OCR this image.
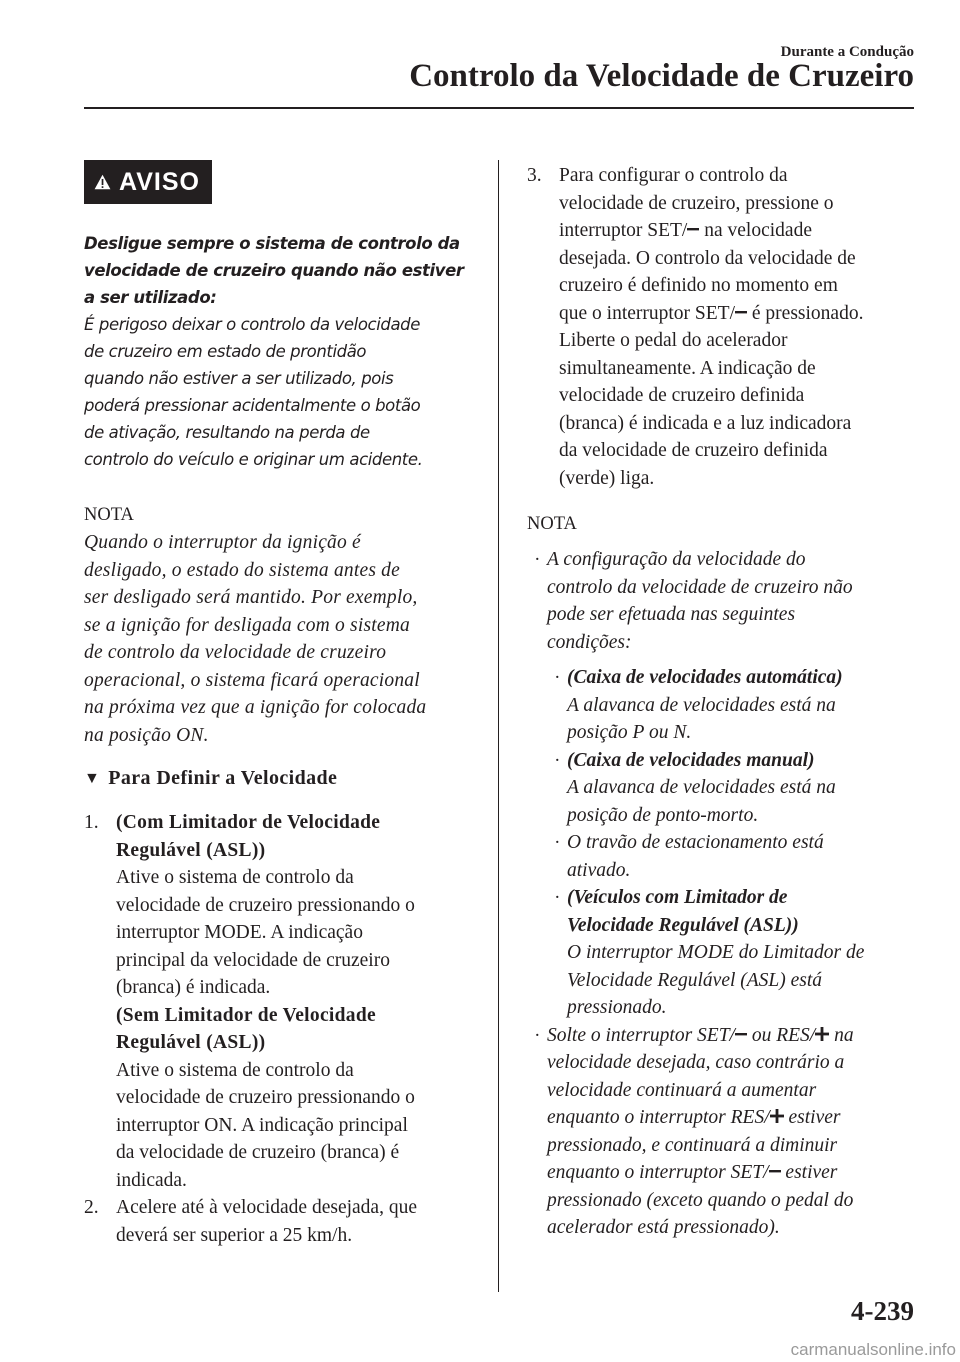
Durante a Condução
Controlo da Velocidade de Cruzeiro
AVISO
Desligue sempre o sistema de controlo da
velocidade de cruzeiro quando não estiver
a ser utilizado:
É perigoso deixar o controlo da velocidade
de cruzeiro em estado de prontidão
quando não estiver a ser utilizado, pois
poderá pressionar acidentalmente o botão
de ativação, resultando na perda de
controlo do veículo e originar um acidente.
NOTA
Quando o interruptor da ignição é
desligado, o estado do sistema antes de
ser desligado será mantido. Por exemplo,
se a ignição for desligada com o sistema
de controlo da velocidade de cruzeiro
operacional, o sistema ficará operacional
na próxima vez que a ignição for colocada
na posição ON.
▼ Para Definir a Velocidade
1. (Com Limitador de Velocidade
Regulável (ASL))
Ative o sistema de controlo da
velocidade de cruzeiro pressionando o
interruptor MODE. A indicação
principal da velocidade de cruzeiro
(branca) é indicada.
(Sem Limitador de Velocidade
Regulável (ASL))
Ative o sistema de controlo da
velocidade de cruzeiro pressionando o
interruptor ON. A indicação principal
da velocidade de cruzeiro (branca) é
indicada.
2. Acelere até à velocidade desejada, que
deverá ser superior a 25 km/h.
3. Para configurar o controlo da
velocidade de cruzeiro, pressione o
interruptor SET/ na velocidade
desejada. O controlo da velocidade de
cruzeiro é definido no momento em
que o interruptor SET/ é pressionado.
Liberte o pedal do acelerador
simultaneamente. A indicação de
velocidade de cruzeiro definida
(branca) é indicada e a luz indicadora
da velocidade de cruzeiro definida
(verde) liga.
NOTA
· A configuração da velocidade do
controlo da velocidade de cruzeiro não
pode ser efetuada nas seguintes
condições:
· (Caixa de velocidades automática)
A alavanca de velocidades está na
posição P ou N.
· (Caixa de velocidades manual)
A alavanca de velocidades está na
posição de ponto-morto.
· O travão de estacionamento está
ativado.
· (Veículos com Limitador de
Velocidade Regulável (ASL))
O interruptor MODE do Limitador de
Velocidade Regulável (ASL) está
pressionado.
· Solte o interruptor SET/ ou RES/ na
velocidade desejada, caso contrário a
velocidade continuará a aumentar
enquanto o interruptor RES/ estiver
pressionado, e continuará a diminuir
enquanto o interruptor SET/ estiver
pressionado (exceto quando o pedal do
acelerador está pressionado).
4-239
carmanualsonline.info
